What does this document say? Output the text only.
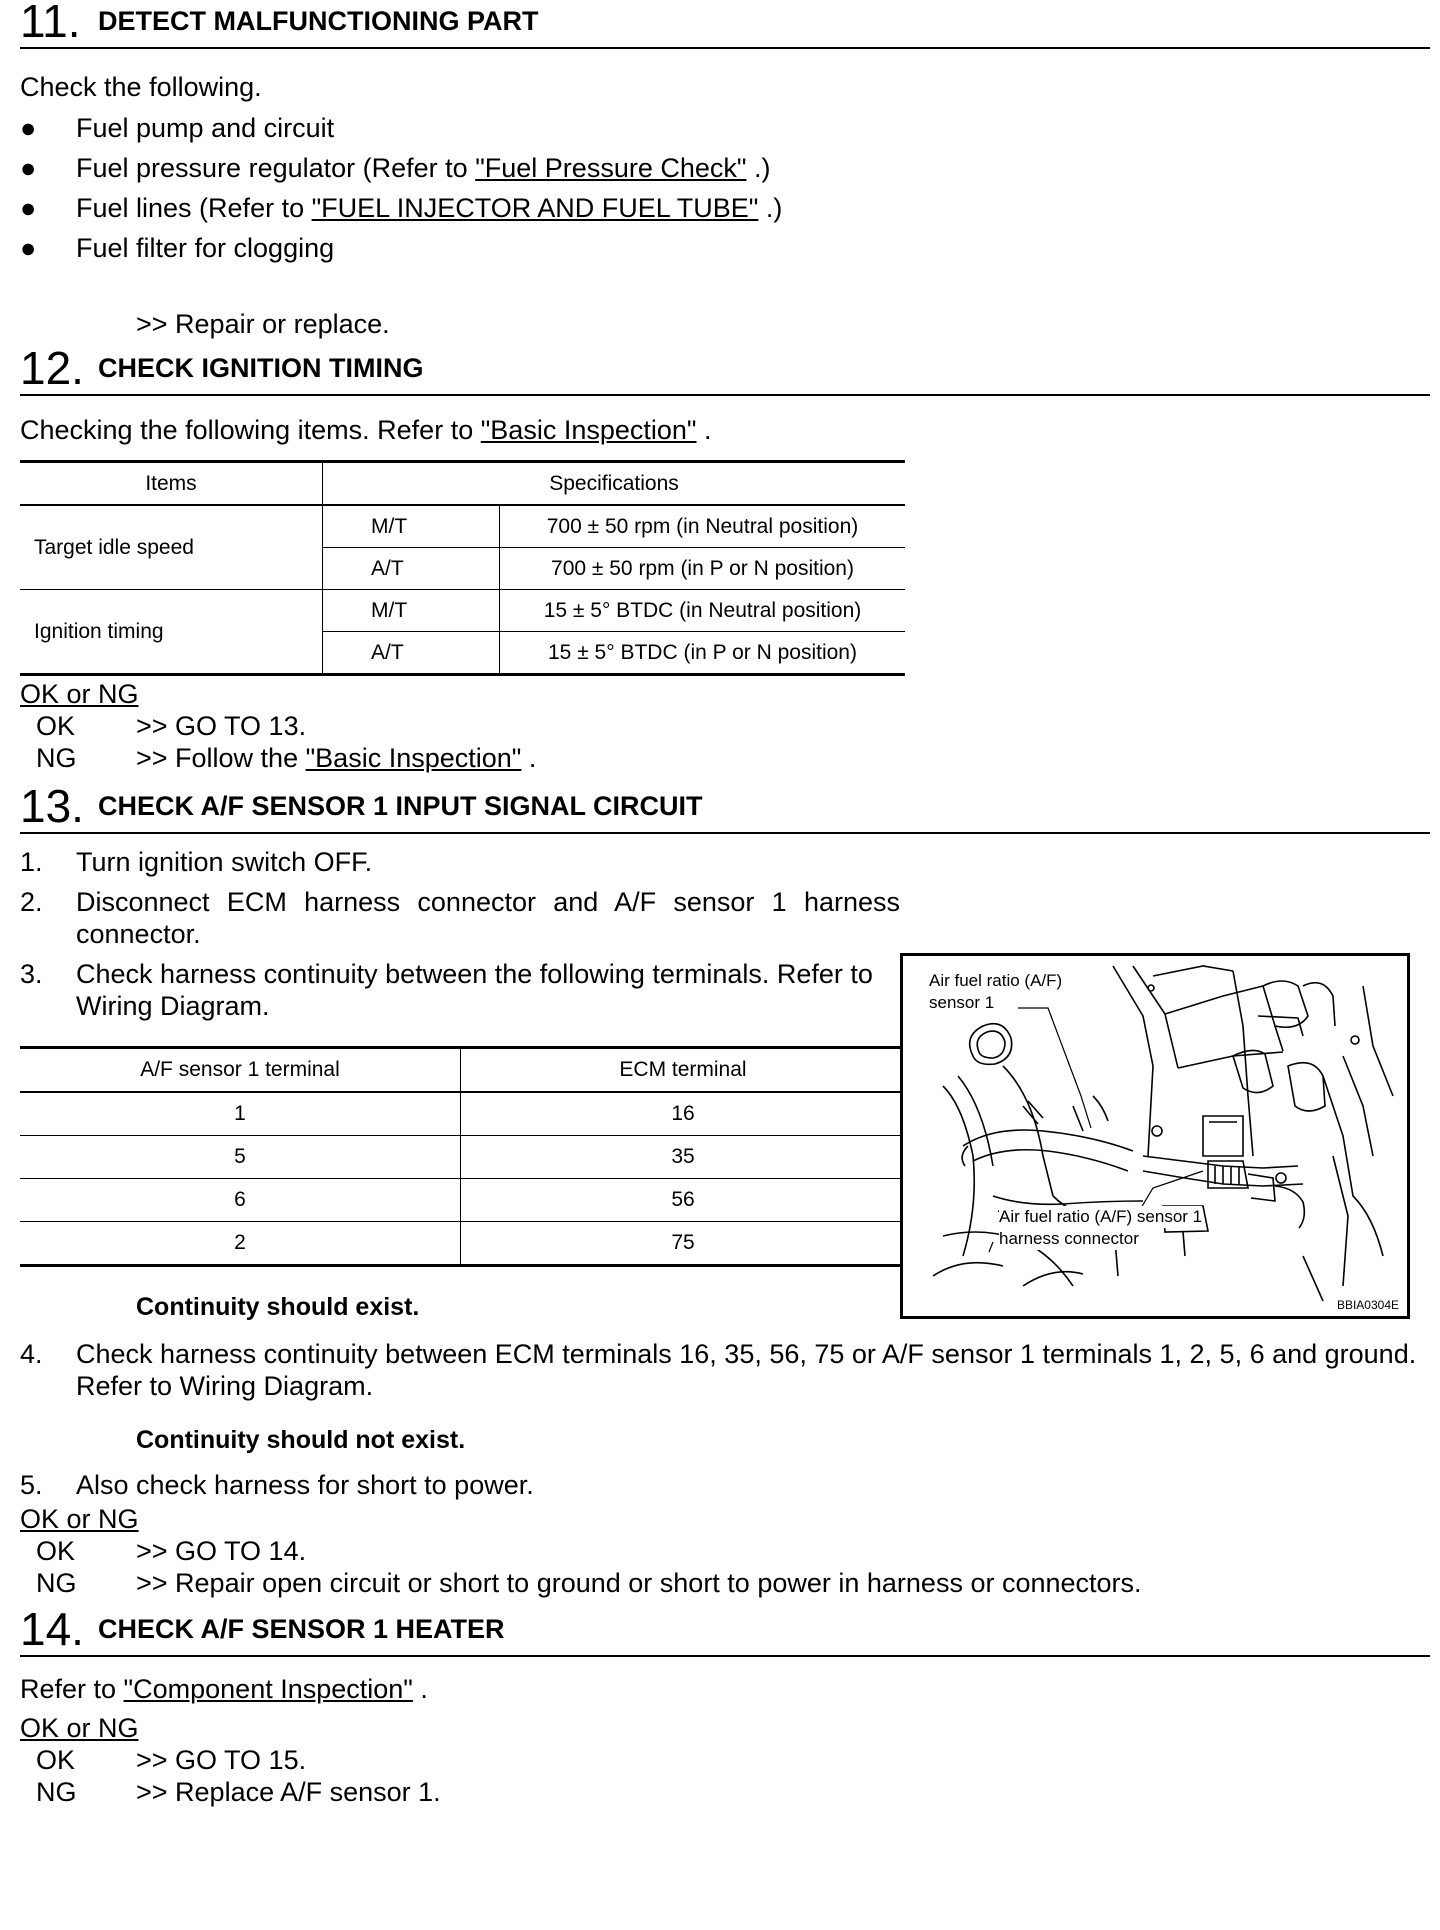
11. DETECT MALFUNCTIONING PART
Check the following.
● Fuel pump and circuit
● Fuel pressure regulator (Refer to "Fuel Pressure Check" .)
● Fuel lines (Refer to "FUEL INJECTOR AND FUEL TUBE" .)
● Fuel filter for clogging
>> Repair or replace.
12. CHECK IGNITION TIMING
Checking the following items. Refer to "Basic Inspection" .
Items	Specifications	
Target idle speed	M/T	700 ± 50 rpm (in Neutral position)
	A/T	700 ± 50 rpm (in P or N position)
Ignition timing	M/T	15 ± 5° BTDC (in Neutral position)
	A/T	15 ± 5° BTDC (in P or N position)
OK or NG
OK >> GO TO 13.
NG >> Follow the "Basic Inspection" .
13. CHECK A/F SENSOR 1 INPUT SIGNAL CIRCUIT
1. Turn ignition switch OFF.
2. Disconnect ECM harness connector and A/F sensor 1 harness connector.
3. Check harness continuity between the following terminals. Refer to Wiring Diagram.
A/F sensor 1 terminal	ECM terminal
1	16
5	35
6	56
2	75
Continuity should exist.
4. Check harness continuity between ECM terminals 16, 35, 56, 75 or A/F sensor 1 terminals 1, 2, 5, 6 and ground. Refer to Wiring Diagram.
Continuity should not exist.
5. Also check harness for short to power.
OK or NG
OK >> GO TO 14.
NG >> Repair open circuit or short to ground or short to power in harness or connectors.
14. CHECK A/F SENSOR 1 HEATER
Refer to "Component Inspection" .
OK or NG
OK >> GO TO 15.
NG >> Replace A/F sensor 1.
Air fuel ratio (A/F)
sensor 1
Air fuel ratio (A/F) sensor 1
harness connector
BBIA0304E
